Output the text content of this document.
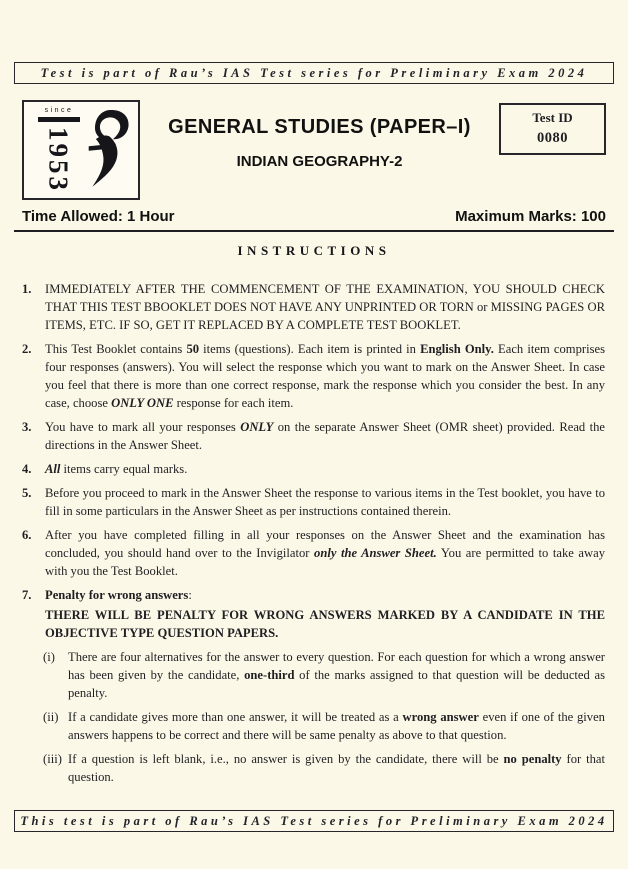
Test is part of Rau’s IAS Test series for Preliminary Exam 2024
since
1953	GENERAL STUDIES (PAPER–I)
INDIAN GEOGRAPHY-2
Test ID
0080
Time Allowed: 1 Hour	Maximum Marks: 100
INSTRUCTIONS
1.	IMMEDIATELY AFTER THE COMMENCEMENT OF THE EXAMINATION, YOU SHOULD CHECK THAT THIS TEST BBOOKLET DOES NOT HAVE ANY UNPRINTED OR TORN or MISSING PAGES OR ITEMS, ETC. IF SO, GET IT REPLACED BY A COMPLETE TEST BOOKLET.

2.	This Test Booklet contains 50 items (questions). Each item is printed in English Only. Each item comprises four responses (answers). You will select the response which you want to mark on the Answer Sheet. In case you feel that there is more than one correct response, mark the response which you consider the best. In any case, choose ONLY ONE response for each item.

3.	You have to mark all your responses ONLY on the separate Answer Sheet (OMR sheet) provided. Read the directions in the Answer Sheet.

4.	All items carry equal marks.

5.	Before you proceed to mark in the Answer Sheet the response to various items in the Test booklet, you have to fill in some particulars in the Answer Sheet as per instructions contained therein.

6.	After you have completed filling in all your responses on the Answer Sheet and the examination has concluded, you should hand over to the Invigilator only the Answer Sheet. You are permitted to take away with you the Test Booklet.

7.	Penalty for wrong answers:

THERE WILL BE PENALTY FOR WRONG ANSWERS MARKED BY A CANDIDATE IN THE OBJECTIVE TYPE QUESTION PAPERS.

(i)	There are four alternatives for the answer to every question. For each question for which a wrong answer has been given by the candidate, one-third of the marks assigned to that question will be deducted as penalty.

(ii) If a candidate gives more than one answer, it will be treated as a wrong answer even if one of the given answers happens to be correct and there will be same penalty as above to that question.

(iii) If a question is left blank, i.e., no answer is given by the candidate, there will be no penalty for that question.

This test is part of Rau’s IAS Test series for Preliminary Exam 2024
